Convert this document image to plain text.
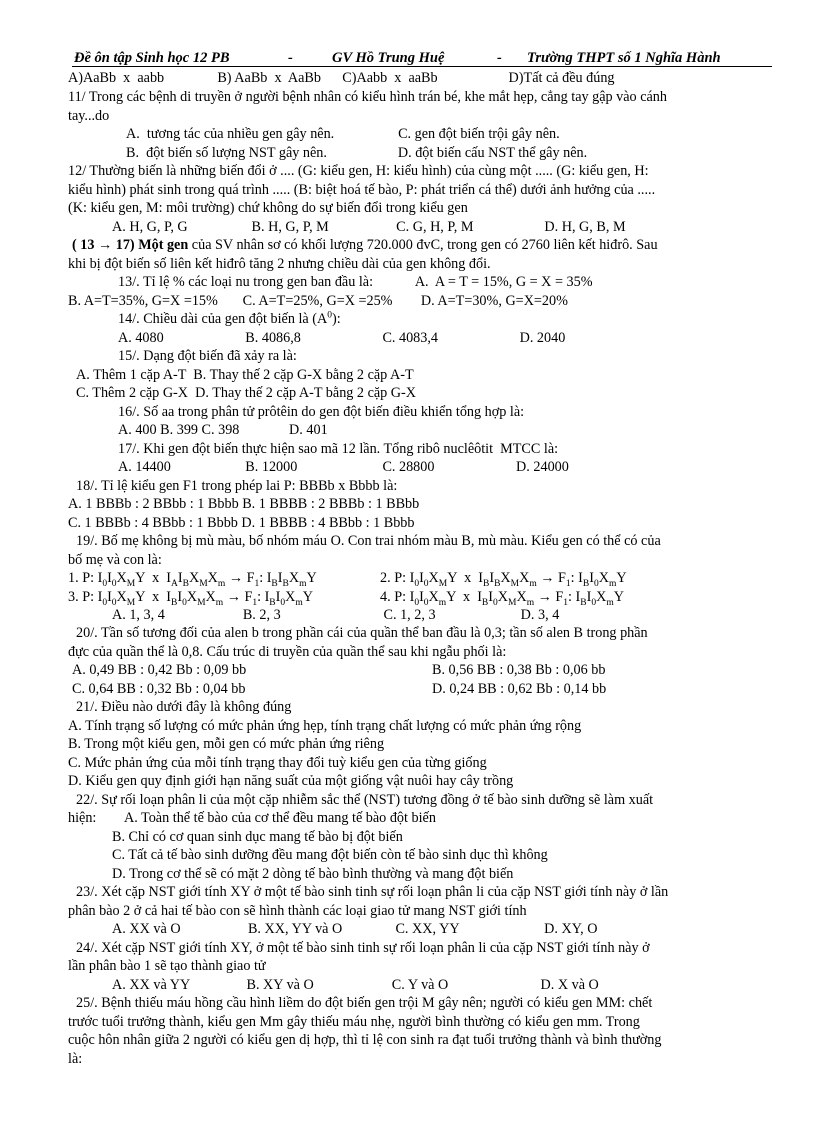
Đề ôn tập Sinh học 12 PB	-	GV Hồ Trung Huệ	- Trường THPT số 1 Nghĩa Hành
A)AaBb  x  aabb               B) AaBb  x  AaBb      C)Aabb  x  aaBb                    D)Tất cả đều đúng
11/ Trong các bệnh di truyền ở người bệnh nhân có kiểu hình trán bé, khe mắt hẹp, cẳng tay gập vào cánh
tay...do
A.  tương tác của nhiều gen gây nên.                  C. gen đột biến trội gây nên.
B.  đột biến số lượng NST gây nên.                    D. đột biến cấu NST thể gây nên.
12/ Thường biến là những biến đổi ở .... (G: kiểu gen, H: kiểu hình) của cùng một ..... (G: kiểu gen, H:
kiểu hình) phát sinh trong quá trình ..... (B: biệt hoá tế bào, P: phát triển cá thể) dưới ảnh hưởng của .....
(K: kiểu gen, M: môi trường) chứ không do sự biến đổi trong kiểu gen
A. H, G, P, G                  B. H, G, P, M                   C. G, H, P, M                    D. H, G, B, M
khi bị đột biến số liên kết hiđrô tăng 2 nhưng chiều dài của gen không đổi.
13/. Tỉ lệ % các loại nu trong gen ban đầu là:            A.  A = T = 15%, G = X = 35%
B. A=T=35%, G=X =15%       C. A=T=25%, G=X =25%        D. A=T=30%, G=X=20%
A. 4080                       B. 4086,8                       C. 4083,4                       D. 2040
15/. Dạng đột biến đã xảy ra là:
A. Thêm 1 cặp A-T  B. Thay thế 2 cặp G-X bằng 2 cặp A-T
C. Thêm 2 cặp G-X  D. Thay thế 2 cặp A-T bằng 2 cặp G-X
16/. Số aa trong phân tử prôtêin do gen đột biến điều khiển tổng hợp là:
A. 400 B. 399 C. 398              D. 401
17/. Khi gen đột biến thực hiện sao mã 12 lần. Tổng ribô nuclêôtit  MTCC là:
A. 14400                     B. 12000                        C. 28800                       D. 24000
18/. Tỉ lệ kiểu gen F1 trong phép lai P: BBBb x Bbbb là:
A. 1 BBBb : 2 BBbb : 1 Bbbb B. 1 BBBB : 2 BBBb : 1 BBbb
C. 1 BBBb : 4 BBbb : 1 Bbbb D. 1 BBBB : 4 BBbb : 1 Bbbb
19/. Bố mẹ không bị mù màu, bố nhóm máu O. Con trai nhóm màu B, mù màu. Kiểu gen có thể có của
bố mẹ và con là:
A. 1, 3, 4                      B. 2, 3                             C. 1, 2, 3                        D. 3, 4
20/. Tần số tương đối của alen b trong phần cái của quần thể ban đầu là 0,3; tần số alen B trong phần
đực của quần thể là 0,8. Cấu trúc di truyền của quần thể sau khi ngẫu phối là:
A. 0,49 BB : 0,42 Bb : 0,09 bb	B. 0,56 BB : 0,38 Bb : 0,06 bb
C. 0,64 BB : 0,32 Bb : 0,04 bb	D. 0,24 BB : 0,62 Bb : 0,14 bb
21/. Điều nào dưới đây là không đúng
A. Tính trạng số lượng có mức phản ứng hẹp, tính trạng chất lượng có mức phản ứng rộng
B. Trong một kiểu gen, mỗi gen có mức phản ứng riêng
C. Mức phản ứng của mỗi tính trạng thay đổi tuỳ kiểu gen của từng giống
D. Kiểu gen quy định giới hạn năng suất của một giống vật nuôi hay cây trồng
22/. Sự rối loạn phân li của một cặp nhiễm sắc thể (NST) tương đồng ở tế bào sinh dưỡng sẽ làm xuất
hiện:        A. Toàn thể tế bào của cơ thể đều mang tế bào đột biến
B. Chỉ có cơ quan sinh dục mang tế bào bị đột biến
C. Tất cả tế bào sinh dưỡng đều mang đột biến còn tế bào sinh dục thì không
D. Trong cơ thể sẽ có mặt 2 dòng tế bào bình thường và mang đột biến
23/. Xét cặp NST giới tính XY ở một tế bào sinh tinh sự rối loạn phân li của cặp NST giới tính này ở lần
phân bào 2 ở cả hai tế bào con sẽ hình thành các loại giao tử mang NST giới tính
A. XX và O                   B. XX, YY và O               C. XX, YY                        D. XY, O
24/. Xét cặp NST giới tính XY, ở một tế bào sinh tinh sự rối loạn phân li của cặp NST giới tính này ở
lần phân bào 1 sẽ tạo thành giao tử
A. XX và YY                B. XY và O                      C. Y và O                          D. X và O
25/. Bệnh thiếu máu hồng cầu hình liềm do đột biến gen trội M gây nên; người có kiểu gen MM: chết
trước tuổi trưởng thành, kiểu gen Mm gây thiếu máu nhẹ, người bình thường có kiểu gen mm. Trong
cuộc hôn nhân giữa 2 người có kiểu gen dị hợp, thì tỉ lệ con sinh ra đạt tuổi trưởng thành và bình thường
là:
( 13 → 17) Một gen của SV nhân sơ có khối lượng 720.000 đvC, trong gen có 2760 liên kết hiđrô. Sau
14/. Chiều dài của gen đột biến là $(A^0)$:
1. P: $I_0I_0X_MY$  x  $I_AI_BX_MX_m \to F_1$: $I_BI_BX_mY$	2. P: $I_0I_0X_MY$  x  $I_BI_BX_MX_m \to F_1$: $I_BI_0X_mY$
3. P: $I_0I_0X_MY$  x  $I_BI_0X_MX_m \to F_1$: $I_BI_0X_mY$	4. P: $I_0I_0X_mY$  x  $I_BI_0X_MX_m \to F_1$: $I_BI_0X_mY$
